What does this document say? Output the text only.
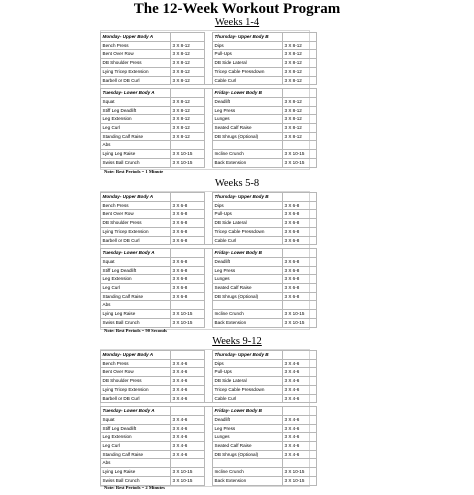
The 12-Week Workout Program
Weeks 1-4
Monday- Upper Body A			Thursday- Upper Body B	
Bench Press	3 X 8-12		Dips	3 X 8-12
Bent Over Row	3 X 8-12		Pull-Ups	3 X 8-12
DB Shoulder Press	3 X 8-12		DB Side Lateral	3 X 8-12
Lying Tricep Extension	3 X 8-12		Tricep Cable Pressdown	3 X 8-12
Barbell or DB Curl	3 X 8-12		Cable Curl	3 X 8-12

Tuesday- Lower Body A			Friday- Lower Body B	
Squat	3 X 8-12		Deadlift	3 X 8-12
Stiff Leg Deadlift	3 X 8-12		Leg Press	3 X 8-12
Leg Extension	3 X 8-12		Lunges	3 X 8-12
Leg Curl	3 X 8-12		Seated Calf Raise	3 X 8-12
Standing Calf Raise	3 X 8-12		DB Shrugs (Optional)	3 X 8-12
Abs				
Lying Leg Raise	3 X 10-15		Incline Crunch	3 X 10-15
Swiss Ball Crunch	3 X 10-15		Back Extension	3 X 10-15
Note: Rest Periods = 1 Minute
Weeks 5-8
Monday- Upper Body A			Thursday- Upper Body B	
Bench Press	3 X 6-8		Dips	3 X 6-8
Bent Over Row	3 X 6-8		Pull-Ups	3 X 6-8
DB Shoulder Press	3 X 6-8		DB Side Lateral	3 X 6-8
Lying Tricep Extension	3 X 6-8		Tricep Cable Pressdown	3 X 6-8
Barbell or DB Curl	3 X 6-8		Cable Curl	3 X 6-8

Tuesday- Lower Body A			Friday- Lower Body B	
Squat	3 X 6-8		Deadlift	3 X 6-8
Stiff Leg Deadlift	3 X 6-8		Leg Press	3 X 6-8
Leg Extension	3 X 6-8		Lunges	3 X 6-8
Leg Curl	3 X 6-8		Seated Calf Raise	3 X 6-8
Standing Calf Raise	3 X 6-8		DB Shrugs (Optional)	3 X 6-8
Abs				
Lying Leg Raise	3 X 10-15		Incline Crunch	3 X 10-15
Swiss Ball Crunch	3 X 10-15		Back Extension	3 X 10-15
Note: Rest Periods = 90 Seconds
Weeks 9-12
Monday- Upper Body A			Thursday- Upper Body B	
Bench Press	3 X 4-6		Dips	3 X 4-6
Bent Over Row	3 X 4-6		Pull-Ups	3 X 4-6
DB Shoulder Press	3 X 4-6		DB Side Lateral	3 X 4-6
Lying Tricep Extension	3 X 4-6		Tricep Cable Pressdown	3 X 4-6
Barbell or DB Curl	3 X 4-6		Cable Curl	3 X 4-6

Tuesday- Lower Body A			Friday- Lower Body B	
Squat	3 X 4-6		Deadlift	3 X 4-6
Stiff Leg Deadlift	3 X 4-6		Leg Press	3 X 4-6
Leg Extension	3 X 4-6		Lunges	3 X 4-6
Leg Curl	3 X 4-6		Seated Calf Raise	3 X 4-6
Standing Calf Raise	3 X 4-6		DB Shrugs (Optional)	3 X 4-6
Abs				
Lying Leg Raise	3 X 10-15		Incline Crunch	3 X 10-15
Swiss Ball Crunch	3 X 10-15		Back Extension	3 X 10-15
Note: Rest Periods = 2 Minutes
